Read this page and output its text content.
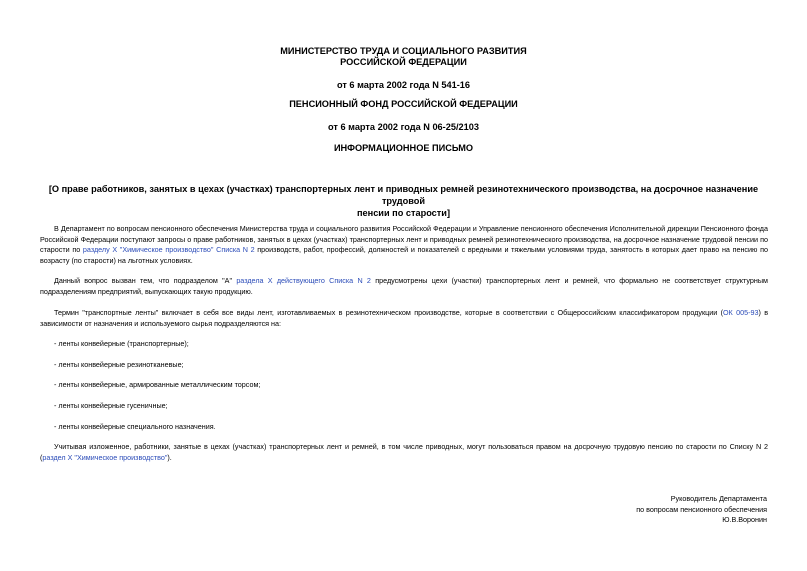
МИНИСТЕРСТВО ТРУДА И СОЦИАЛЬНОГО РАЗВИТИЯ
РОССИЙСКОЙ ФЕДЕРАЦИИ
от 6 марта 2002 года N 541-16
ПЕНСИОННЫЙ ФОНД РОССИЙСКОЙ ФЕДЕРАЦИИ
от 6 марта 2002 года N 06-25/2103
ИНФОРМАЦИОННОЕ ПИСЬМО
[О праве работников, занятых в цехах (участках) транспортерных лент и приводных ремней резинотехнического производства, на досрочное назначение трудовой
пенсии по старости]
В Департамент по вопросам пенсионного обеспечения Министерства труда и социального развития Российской Федерации и Управление пенсионного обеспечения Исполнительной дирекции Пенсионного фонда Российской Федерации поступают запросы о праве работников, занятых в цехах (участках) транспортерных лент и приводных ремней резинотехнического производства, на досрочное назначение трудовой пенсии по старости по разделу X "Химическое производство" Списка N 2 производств, работ, профессий, должностей и показателей с вредными и тяжелыми условиями труда, занятость в которых дает право на пенсию по возрасту (по старости) на льготных условиях.
Данный вопрос вызван тем, что подразделом "А" раздела X действующего Списка N 2 предусмотрены цехи (участки) транспортерных лент и ремней, что формально не соответствует структурным подразделениям предприятий, выпускающих такую продукцию.
Термин "транспортные ленты" включает в себя все виды лент, изготавливаемых в резинотехническом производстве, которые в соответствии с Общероссийским классификатором продукции (ОК 005-93) в зависимости от назначения и используемого сырья подразделяются на:
- ленты конвейерные (транспортерные);
- ленты конвейерные резинотканевые;
- ленты конвейерные, армированные металлическим торсом;
- ленты конвейерные гусеничные;
- ленты конвейерные специального назначения.
Учитывая изложенное, работники, занятые в цехах (участках) транспортерных лент и ремней, в том числе приводных, могут пользоваться правом на досрочную трудовую пенсию по старости по Списку N 2 (раздел X "Химическое производство").
Руководитель Департамента
по вопросам пенсионного обеспечения
Ю.В.Воронин
